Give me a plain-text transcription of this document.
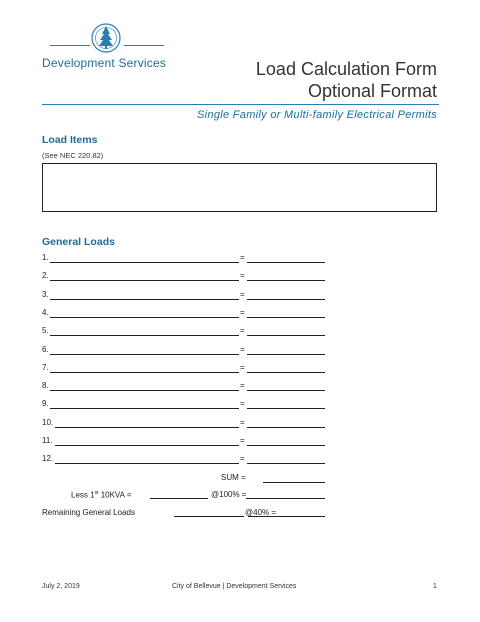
Development Services	Load Calculation Form
Optional Format
Single Family or Multi-family Electrical Permits
Load Items
(See NEC 220.82)
General Loads
1.	=
2.	=
3.	=
4.	=
5.	=
6.	=
7.	=
8.	=
9.	=
10.	=
11.	=
12.	=
SUM =
Less 1st 10KVA =	@100% =
Remaining General Loads	@40% =
July 2, 2019	City of Bellevue | Development Services	1
